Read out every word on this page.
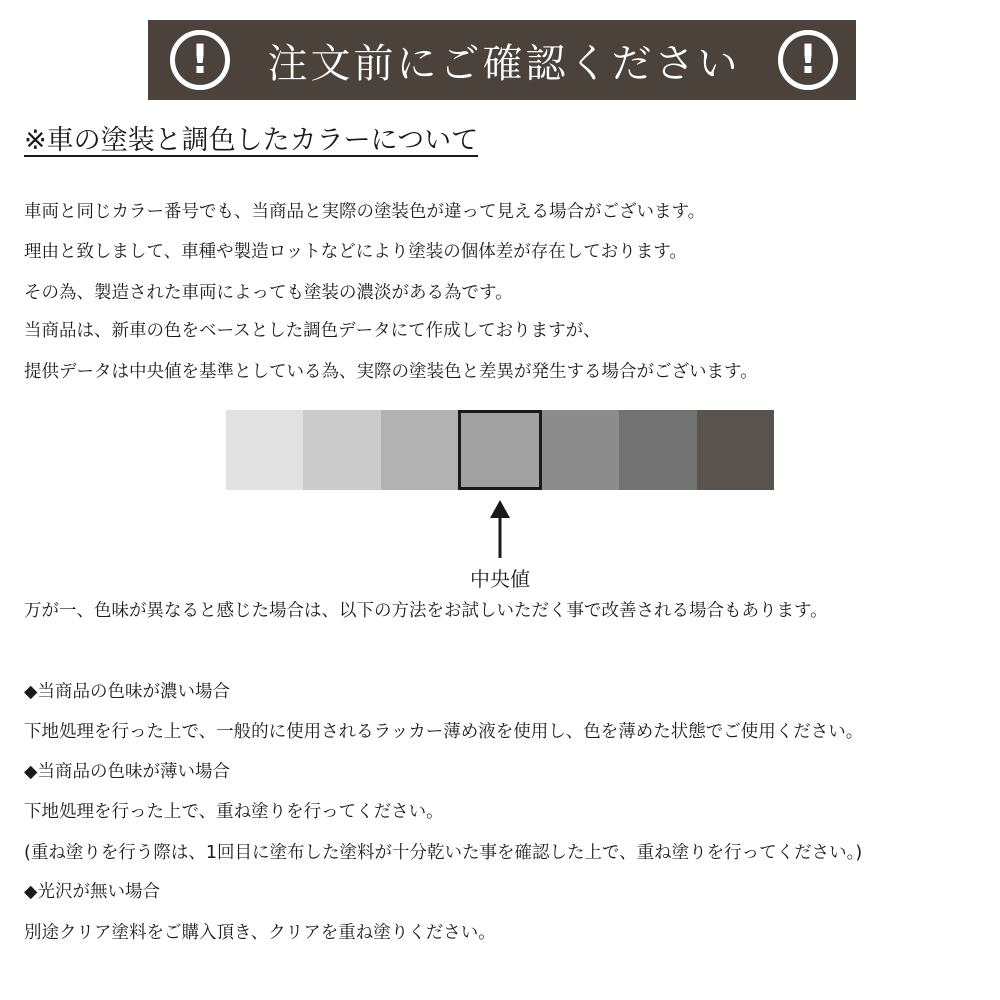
! 注文前にご確認ください !
※車の塗装と調色したカラーについて
車両と同じカラー番号でも、当商品と実際の塗装色が違って見える場合がございます。
理由と致しまして、車種や製造ロットなどにより塗装の個体差が存在しております。
その為、製造された車両によっても塗装の濃淡がある為です。
当商品は、新車の色をベースとした調色データにて作成しておりますが、
提供データは中央値を基準としている為、実際の塗装色と差異が発生する場合がございます。
中央値
万が一、色味が異なると感じた場合は、以下の方法をお試しいただく事で改善される場合もあります。
◆当商品の色味が濃い場合
下地処理を行った上で、一般的に使用されるラッカー薄め液を使用し、色を薄めた状態でご使用ください。
◆当商品の色味が薄い場合
下地処理を行った上で、重ね塗りを行ってください。
(重ね塗りを行う際は、1回目に塗布した塗料が十分乾いた事を確認した上で、重ね塗りを行ってください。)
◆光沢が無い場合
別途クリア塗料をご購入頂き、クリアを重ね塗りください。
